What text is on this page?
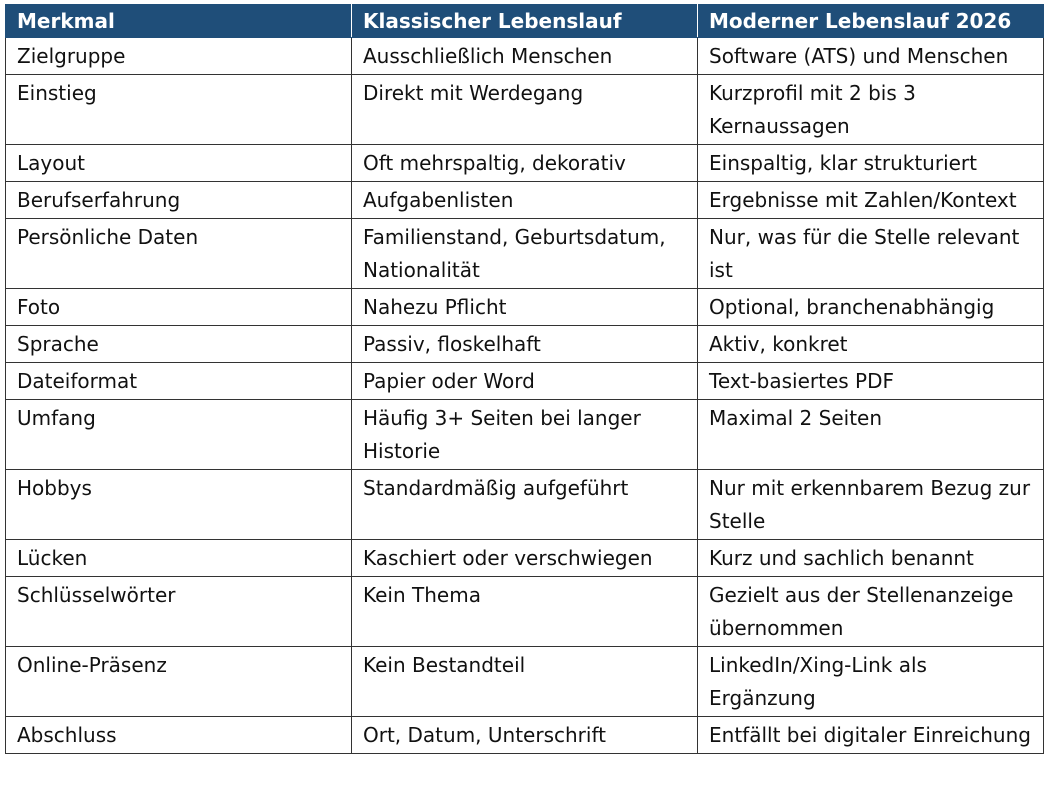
Merkmal	Klassischer Lebenslauf	Moderner Lebenslauf 2026
Zielgruppe	Ausschließlich Menschen	Software (ATS) und Menschen
Einstieg	Direkt mit Werdegang	Kurzprofil mit 2 bis 3 Kernaussagen
Layout	Oft mehrspaltig, dekorativ	Einspaltig, klar strukturiert
Berufserfahrung	Aufgabenlisten	Ergebnisse mit Zahlen/Kontext
Persönliche Daten	Familienstand, Geburtsdatum, Nationalität	Nur, was für die Stelle relevant ist
Foto	Nahezu Pflicht	Optional, branchenabhängig
Sprache	Passiv, floskelhaft	Aktiv, konkret
Dateiformat	Papier oder Word	Text-basiertes PDF
Umfang	Häufig 3+ Seiten bei langer Historie	Maximal 2 Seiten
Hobbys	Standardmäßig aufgeführt	Nur mit erkennbarem Bezug zur Stelle
Lücken	Kaschiert oder verschwiegen	Kurz und sachlich benannt
Schlüsselwörter	Kein Thema	Gezielt aus der Stellenanzeige übernommen
Online-Präsenz	Kein Bestandteil	LinkedIn/Xing-Link als Ergänzung
Abschluss	Ort, Datum, Unterschrift	Entfällt bei digitaler Einreichung
